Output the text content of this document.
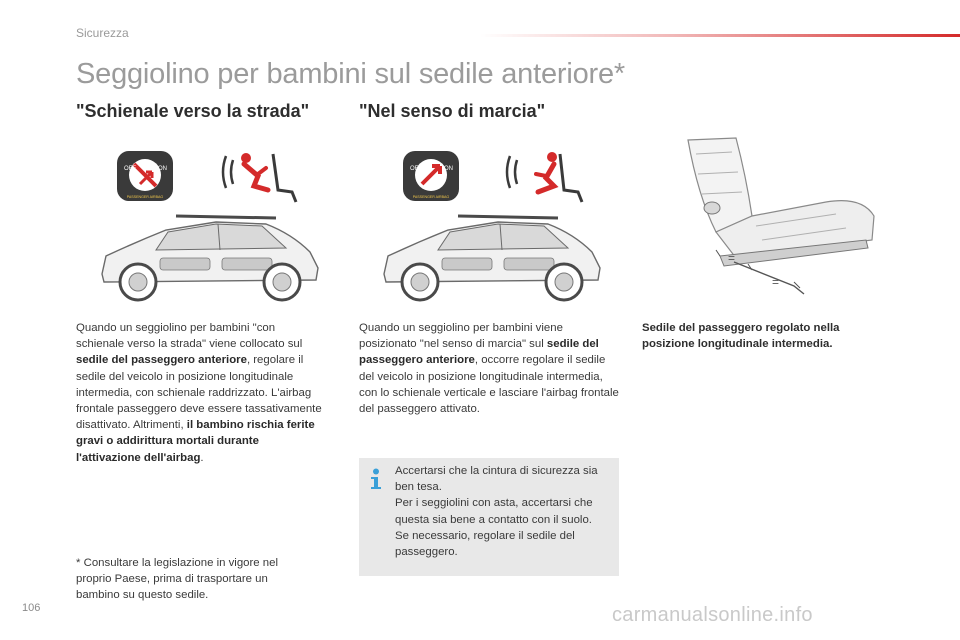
Sicurezza
Seggiolino per bambini sul sedile anteriore*
"Schienale verso la strada"
OFF	ON
PASSENGER AIRBAG
Quando un seggiolino per bambini "con schienale verso la strada" viene collocato sul sedile del passeggero anteriore, regolare il sedile del veicolo in posizione longitudinale intermedia, con schienale raddrizzato. L'airbag frontale passeggero deve essere tassativamente disattivato. Altrimenti, il bambino rischia ferite gravi o addirittura mortali durante l'attivazione dell'airbag.
* Consultare la legislazione in vigore nel proprio Paese, prima di trasportare un bambino su questo sedile.
"Nel senso di marcia"
OFF	ON
PASSENGER AIRBAG
Quando un seggiolino per bambini viene posizionato "nel senso di marcia" sul sedile del passeggero anteriore, occorre regolare il sedile del veicolo in posizione longitudinale intermedia, con lo schienale verticale e lasciare l'airbag frontale del passeggero attivato.
Accertarsi che la cintura di sicurezza sia ben tesa.
Per i seggiolini con asta, accertarsi che questa sia bene a contatto con il suolo.
Se necessario, regolare il sedile del passeggero.
=
=
Sedile del passeggero regolato nella posizione longitudinale intermedia.
106	carmanualsonline.info
